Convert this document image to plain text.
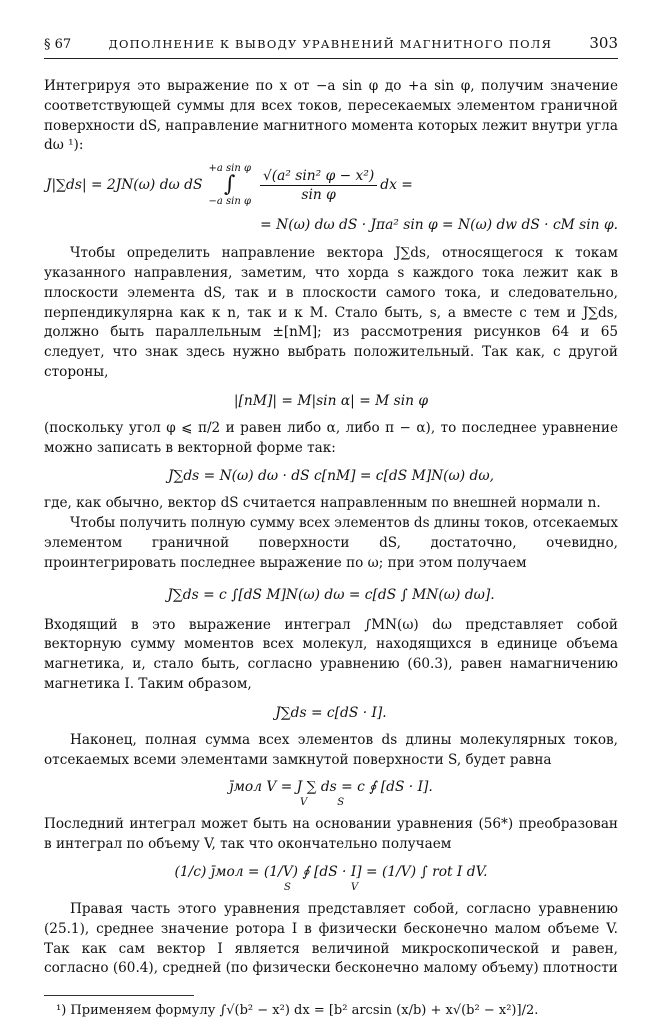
§ 67	ДОПОЛНЕНИЕ К ВЫВОДУ УРАВНЕНИЙ МАГНИТНОГО ПОЛЯ 303

Интегрируя это выражение по x от −a sin φ до +a sin φ, получим значение соответствующей суммы для всех токов, пересекаемых элементом граничной поверхности dS, направление магнитного момента которых лежит внутри угла dω ¹):

J|∑ds| = 2JN(ω) dω dS
+a sin φ
∫
−a sin φ $\frac{\text{√(a² sin² φ − x²)}}{\text{sin φ}}$ dx =
= N(ω) dω dS · Jπa² sin φ = N(ω) dw dS · cM sin φ.

Чтобы определить направление вектора J∑ds, относящегося к токам указанного направления, заметим, что хорда s каждого тока лежит как в плоскости элемента dS, так и в плоскости самого тока, и следовательно, перпендикулярна как к n, так и к M. Стало быть, s, а вместе с тем и J∑ds, должно быть параллельным ±[nM]; из рассмотрения рисунков 64 и 65 следует, что знак здесь нужно выбрать положительный. Так как, с другой стороны,

|[nM]| = M|sin α| = M sin φ

(поскольку угол φ ⩽ π/2 и равен либо α, либо π − α), то последнее уравнение можно записать в векторной форме так:

J∑ds = N(ω) dω · dS c[nM] = c[dS M]N(ω) dω,

где, как обычно, вектор dS считается направленным по внешней нормали n.

Чтобы получить полную сумму всех элементов ds длины токов, отсекаемых элементом граничной поверхности dS, достаточно, очевидно, проинтегрировать последнее выражение по ω; при этом получаем

J∑ds = c ∫[dS M]N(ω) dω = c[dS ∫ MN(ω) dω].

Входящий в это выражение интеграл ∫MN(ω) dω представляет собой векторную сумму моментов всех молекул, находящихся в единице объема магнетика, и, стало быть, согласно уравнению (60.3), равен намагничению магнетика I. Таким образом,

J∑ds = c[dS · I].

Наконец, полная сумма всех элементов ds длины молекулярных токов, отсекаемых всеми элементами замкнутой поверхности S, будет равна

j̄мол V = J ∑ ds = c ∮ [dS · I].
VS

Последний интеграл может быть на основании уравнения (56*) преобразован в интеграл по объему V, так что окончательно получаем

(1/c) j̄мол = (1/V) ∮ [dS · I] = (1/V) ∫ rot I dV.
SV

Правая часть этого уравнения представляет собой, согласно уравнению (25.1), среднее значение ротора I в физически бесконечно малом объеме V. Так как сам вектор I является величиной микроскопической и равен, согласно (60.4), средней (по физически бесконечно малому объему) плотности

¹) Применяем формулу ∫√(b² − x²) dx = [b² arcsin (x/b) + x√(b² − x²)]/2.
